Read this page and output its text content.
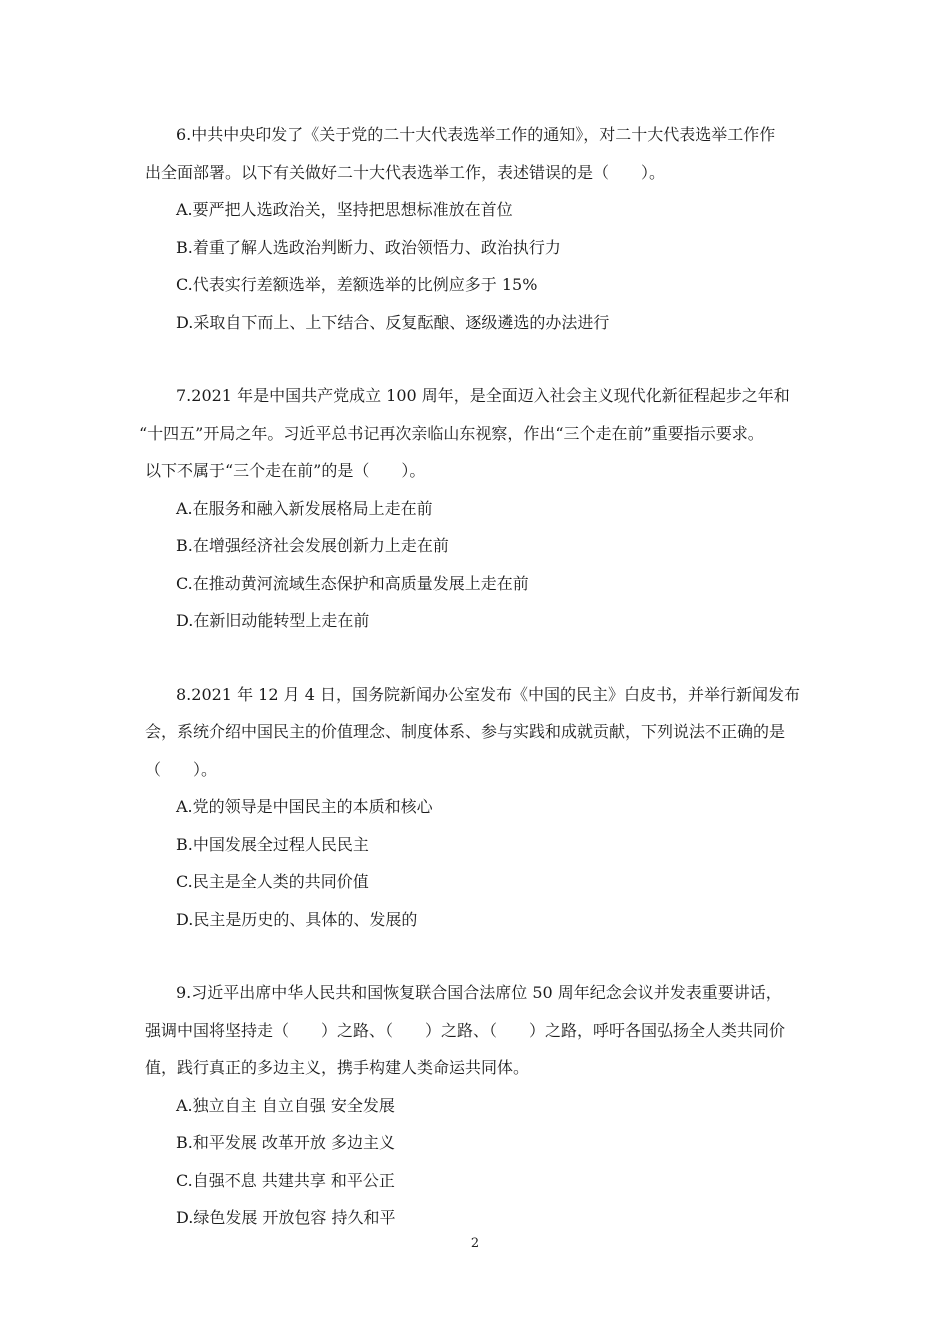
6.中共中央印发了《关于党的二十大代表选举工作的通知》，对二十大代表选举工作作
出全面部署。以下有关做好二十大代表选举工作，表述错误的是（　　）。
A.要严把人选政治关，坚持把思想标准放在首位
B.着重了解人选政治判断力、政治领悟力、政治执行力
C.代表实行差额选举，差额选举的比例应多于 15%
D.采取自下而上、上下结合、反复酝酿、逐级遴选的办法进行
7.2021 年是中国共产党成立 100 周年，是全面迈入社会主义现代化新征程起步之年和
“十四五”开局之年。习近平总书记再次亲临山东视察，作出“三个走在前”重要指示要求。
以下不属于“三个走在前”的是（　　）。
A.在服务和融入新发展格局上走在前
B.在增强经济社会发展创新力上走在前
C.在推动黄河流域生态保护和高质量发展上走在前
D.在新旧动能转型上走在前
8.2021 年 12 月 4 日，国务院新闻办公室发布《中国的民主》白皮书，并举行新闻发布
会，系统介绍中国民主的价值理念、制度体系、参与实践和成就贡献，下列说法不正确的是
（　　）。
A.党的领导是中国民主的本质和核心
B.中国发展全过程人民民主
C.民主是全人类的共同价值
D.民主是历史的、具体的、发展的
9.习近平出席中华人民共和国恢复联合国合法席位 50 周年纪念会议并发表重要讲话，
强调中国将坚持走（　　）之路、（　　）之路、（　　）之路，呼吁各国弘扬全人类共同价
值，践行真正的多边主义，携手构建人类命运共同体。
A.独立自主 自立自强 安全发展
B.和平发展 改革开放 多边主义
C.自强不息 共建共享 和平公正
D.绿色发展 开放包容 持久和平
2
